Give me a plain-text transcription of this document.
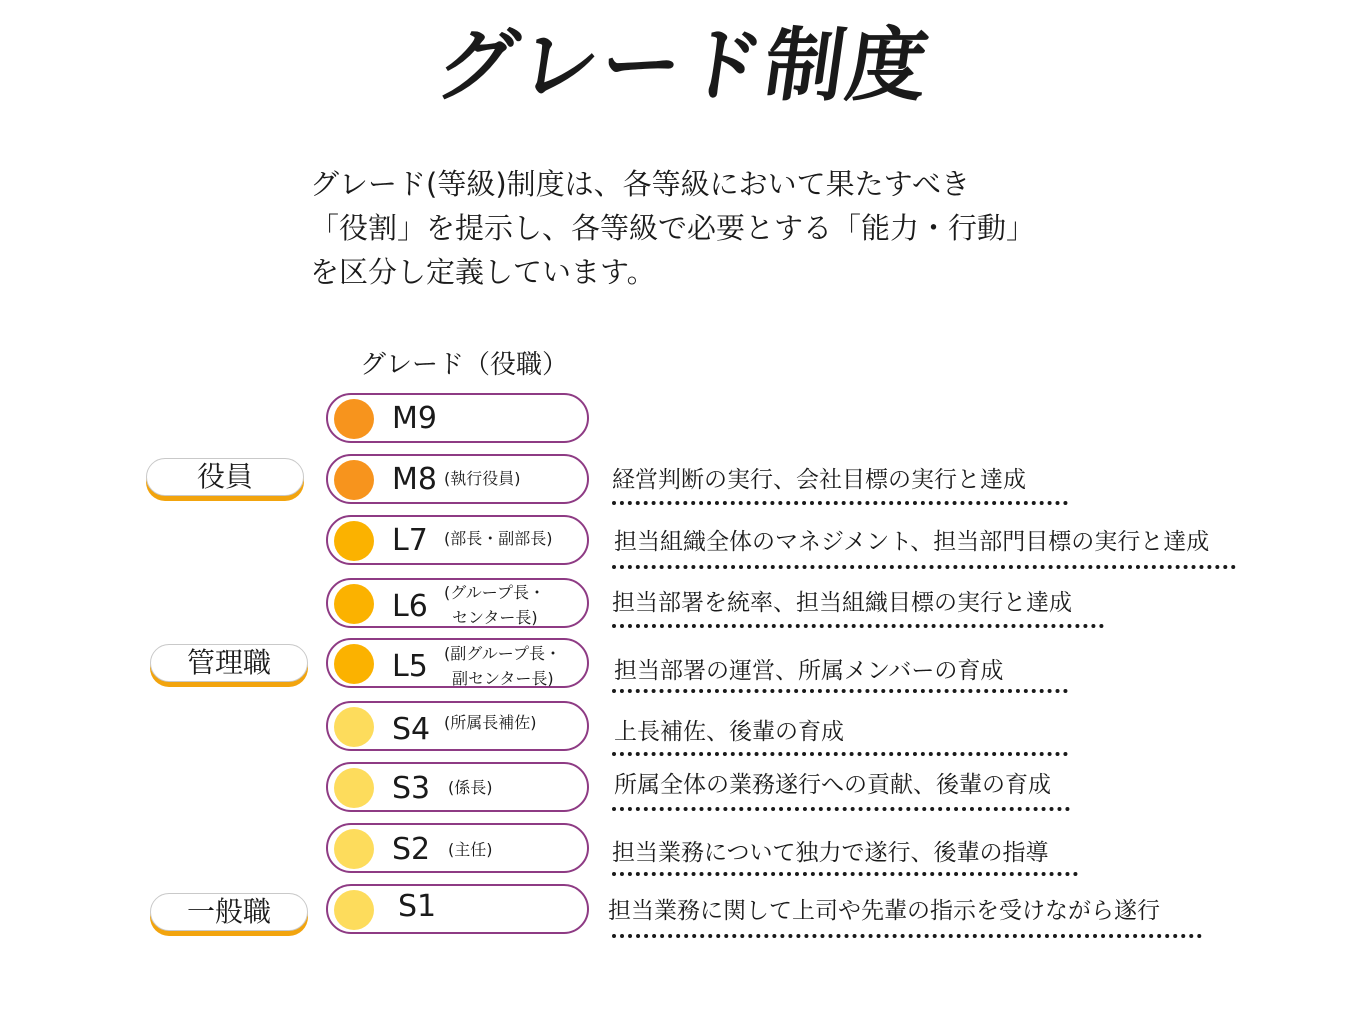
グレード制度
グレード(等級)制度は、各等級において果たすべき
「役割」を提示し、各等級で必要とする「能力・行動」
を区分し定義しています。
グレード（役職）
役員
管理職
一般職
M9
M8 (執行役員)
L7 (部長・副部長)
L6 (グループ長・
センター長)
L5 (副グループ長・
副センター長)
S4 (所属長補佐)
S3 (係長)
S2 (主任)
S1
経営判断の実行、会社目標の実行と達成
担当組織全体のマネジメント、担当部門目標の実行と達成
担当部署を統率、担当組織目標の実行と達成
担当部署の運営、所属メンバーの育成
上長補佐、後輩の育成
所属全体の業務遂行への貢献、後輩の育成
担当業務について独力で遂行、後輩の指導
担当業務に関して上司や先輩の指示を受けながら遂行
